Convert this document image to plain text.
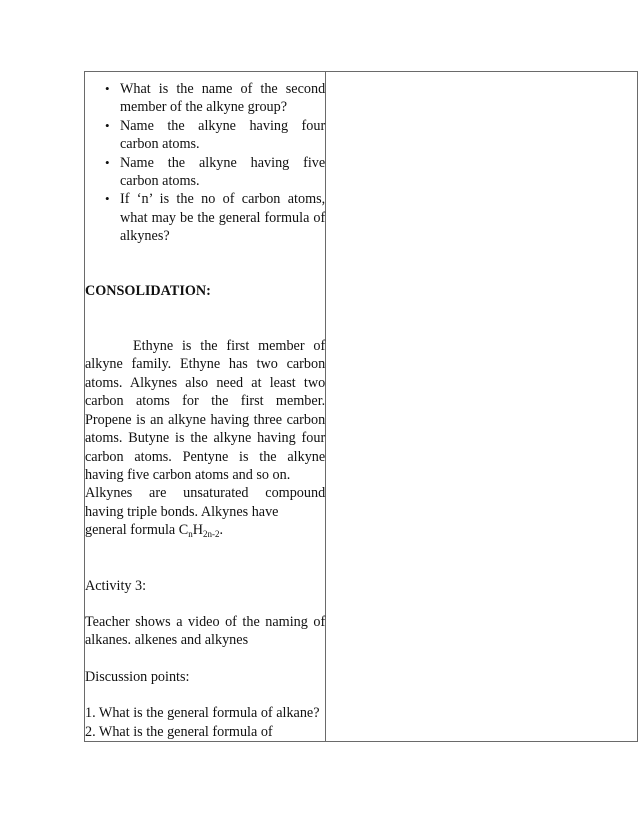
• What is the name of the second member of the alkyne group?
• Name the alkyne having four carbon atoms.
• Name the alkyne having five carbon atoms.
• If ‘n’ is the no of carbon atoms, what may be the general formula of alkynes?
CONSOLIDATION:
Ethyne is the first member of alkyne family. Ethyne has two carbon atoms. Alkynes also need at least two carbon atoms for the first member. Propene is an alkyne having three carbon atoms. Butyne is the alkyne having four carbon atoms. Pentyne is the alkyne having five carbon atoms and so on.
Alkynes are unsaturated compound having triple bonds. Alkynes have
general formula $C_nH_{2n-2}$.
Activity 3:
Teacher shows a video of the naming of alkanes. alkenes and alkynes
Discussion points:
1. What is the general formula of alkane?
2. What is the general formula of
